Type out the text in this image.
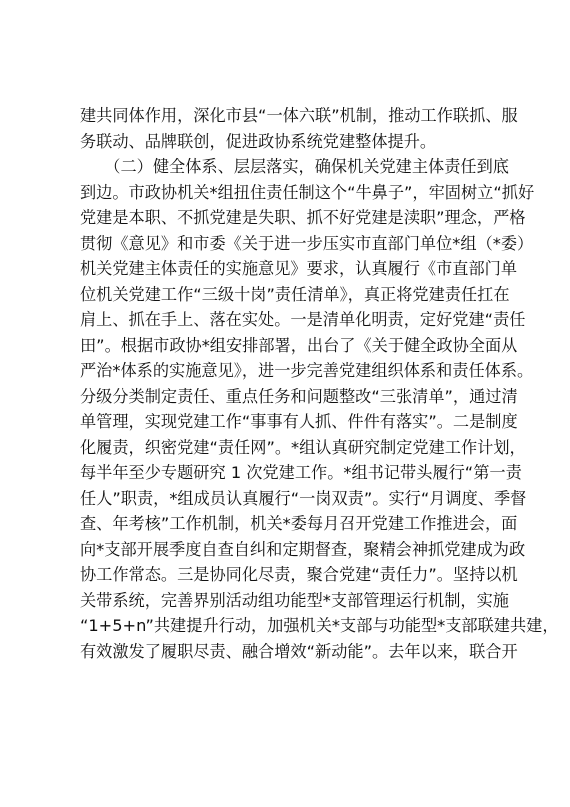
建共同体作用，深化市县“一体六联”机制，推动工作联抓、服
务联动、品牌联创，促进政协系统党建整体提升。
　　（二）健全体系、层层落实，确保机关党建主体责任到底
到边。市政协机关*组扭住责任制这个“牛鼻子”，牢固树立“抓好
党建是本职、不抓党建是失职、抓不好党建是渎职”理念，严格
贯彻《意见》和市委《关于进一步压实市直部门单位*组（*委）
机关党建主体责任的实施意见》要求，认真履行《市直部门单
位机关党建工作“三级十岗”责任清单》，真正将党建责任扛在
肩上、抓在手上、落在实处。一是清单化明责，定好党建“责任
田”。根据市政协*组安排部署，出台了《关于健全政协全面从
严治*体系的实施意见》，进一步完善党建组织体系和责任体系。
分级分类制定责任、重点任务和问题整改“三张清单”，通过清
单管理，实现党建工作“事事有人抓、件件有落实”。二是制度
化履责，织密党建“责任网”。*组认真研究制定党建工作计划，
每半年至少专题研究 1 次党建工作。*组书记带头履行“第一责
任人”职责，*组成员认真履行“一岗双责”。实行“月调度、季督
查、年考核”工作机制，机关*委每月召开党建工作推进会，面
向*支部开展季度自查自纠和定期督查，聚精会神抓党建成为政
协工作常态。三是协同化尽责，聚合党建“责任力”。坚持以机
关带系统，完善界别活动组功能型*支部管理运行机制，实施
“1+5+n”共建提升行动，加强机关*支部与功能型*支部联建共建，
有效激发了履职尽责、融合增效“新动能”。去年以来，联合开
